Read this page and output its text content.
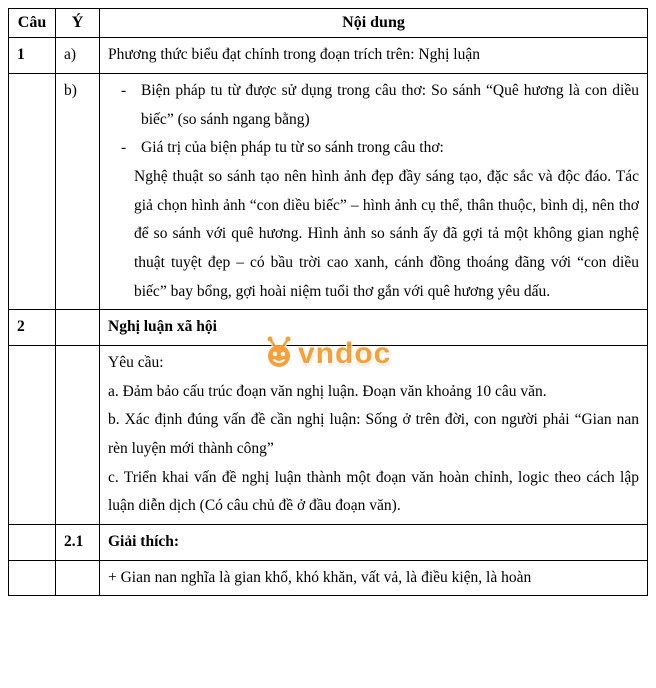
Câu	Ý	Nội dung
1	a)	Phương thức biểu đạt chính trong đoạn trích trên: Nghị luận
	b)	- Biện pháp tu từ được sử dụng trong câu thơ: So sánh “Quê hương là con diều biếc” (so sánh ngang bằng)
- Giá trị của biện pháp tu từ so sánh trong câu thơ:
Nghệ thuật so sánh tạo nên hình ảnh đẹp đầy sáng tạo, đặc sắc và độc đáo. Tác giả chọn hình ảnh “con diều biếc” – hình ảnh cụ thể, thân thuộc, bình dị, nên thơ để so sánh với quê hương. Hình ảnh so sánh ấy đã gợi tả một không gian nghệ thuật tuyệt đẹp – có bầu trời cao xanh, cánh đồng thoáng đãng với “con diều biếc” bay bổng, gợi hoài niệm tuổi thơ gắn với quê hương yêu dấu.

2		Nghị luận xã hội

		Yêu cầu:
a. Đảm bảo cấu trúc đoạn văn nghị luận. Đoạn văn khoảng 10 câu văn.
b. Xác định đúng vấn đề cần nghị luận: Sống ở trên đời, con người phải “Gian nan rèn luyện mới thành công”
c. Triển khai vấn đề nghị luận thành một đoạn văn hoàn chỉnh, logic theo cách lập luận diễn dịch (Có câu chủ đề ở đầu đoạn văn).

	2.1	Giải thích:
		+ Gian nan nghĩa là gian khổ, khó khăn, vất vả, là điều kiện, là hoàn
vndoc
